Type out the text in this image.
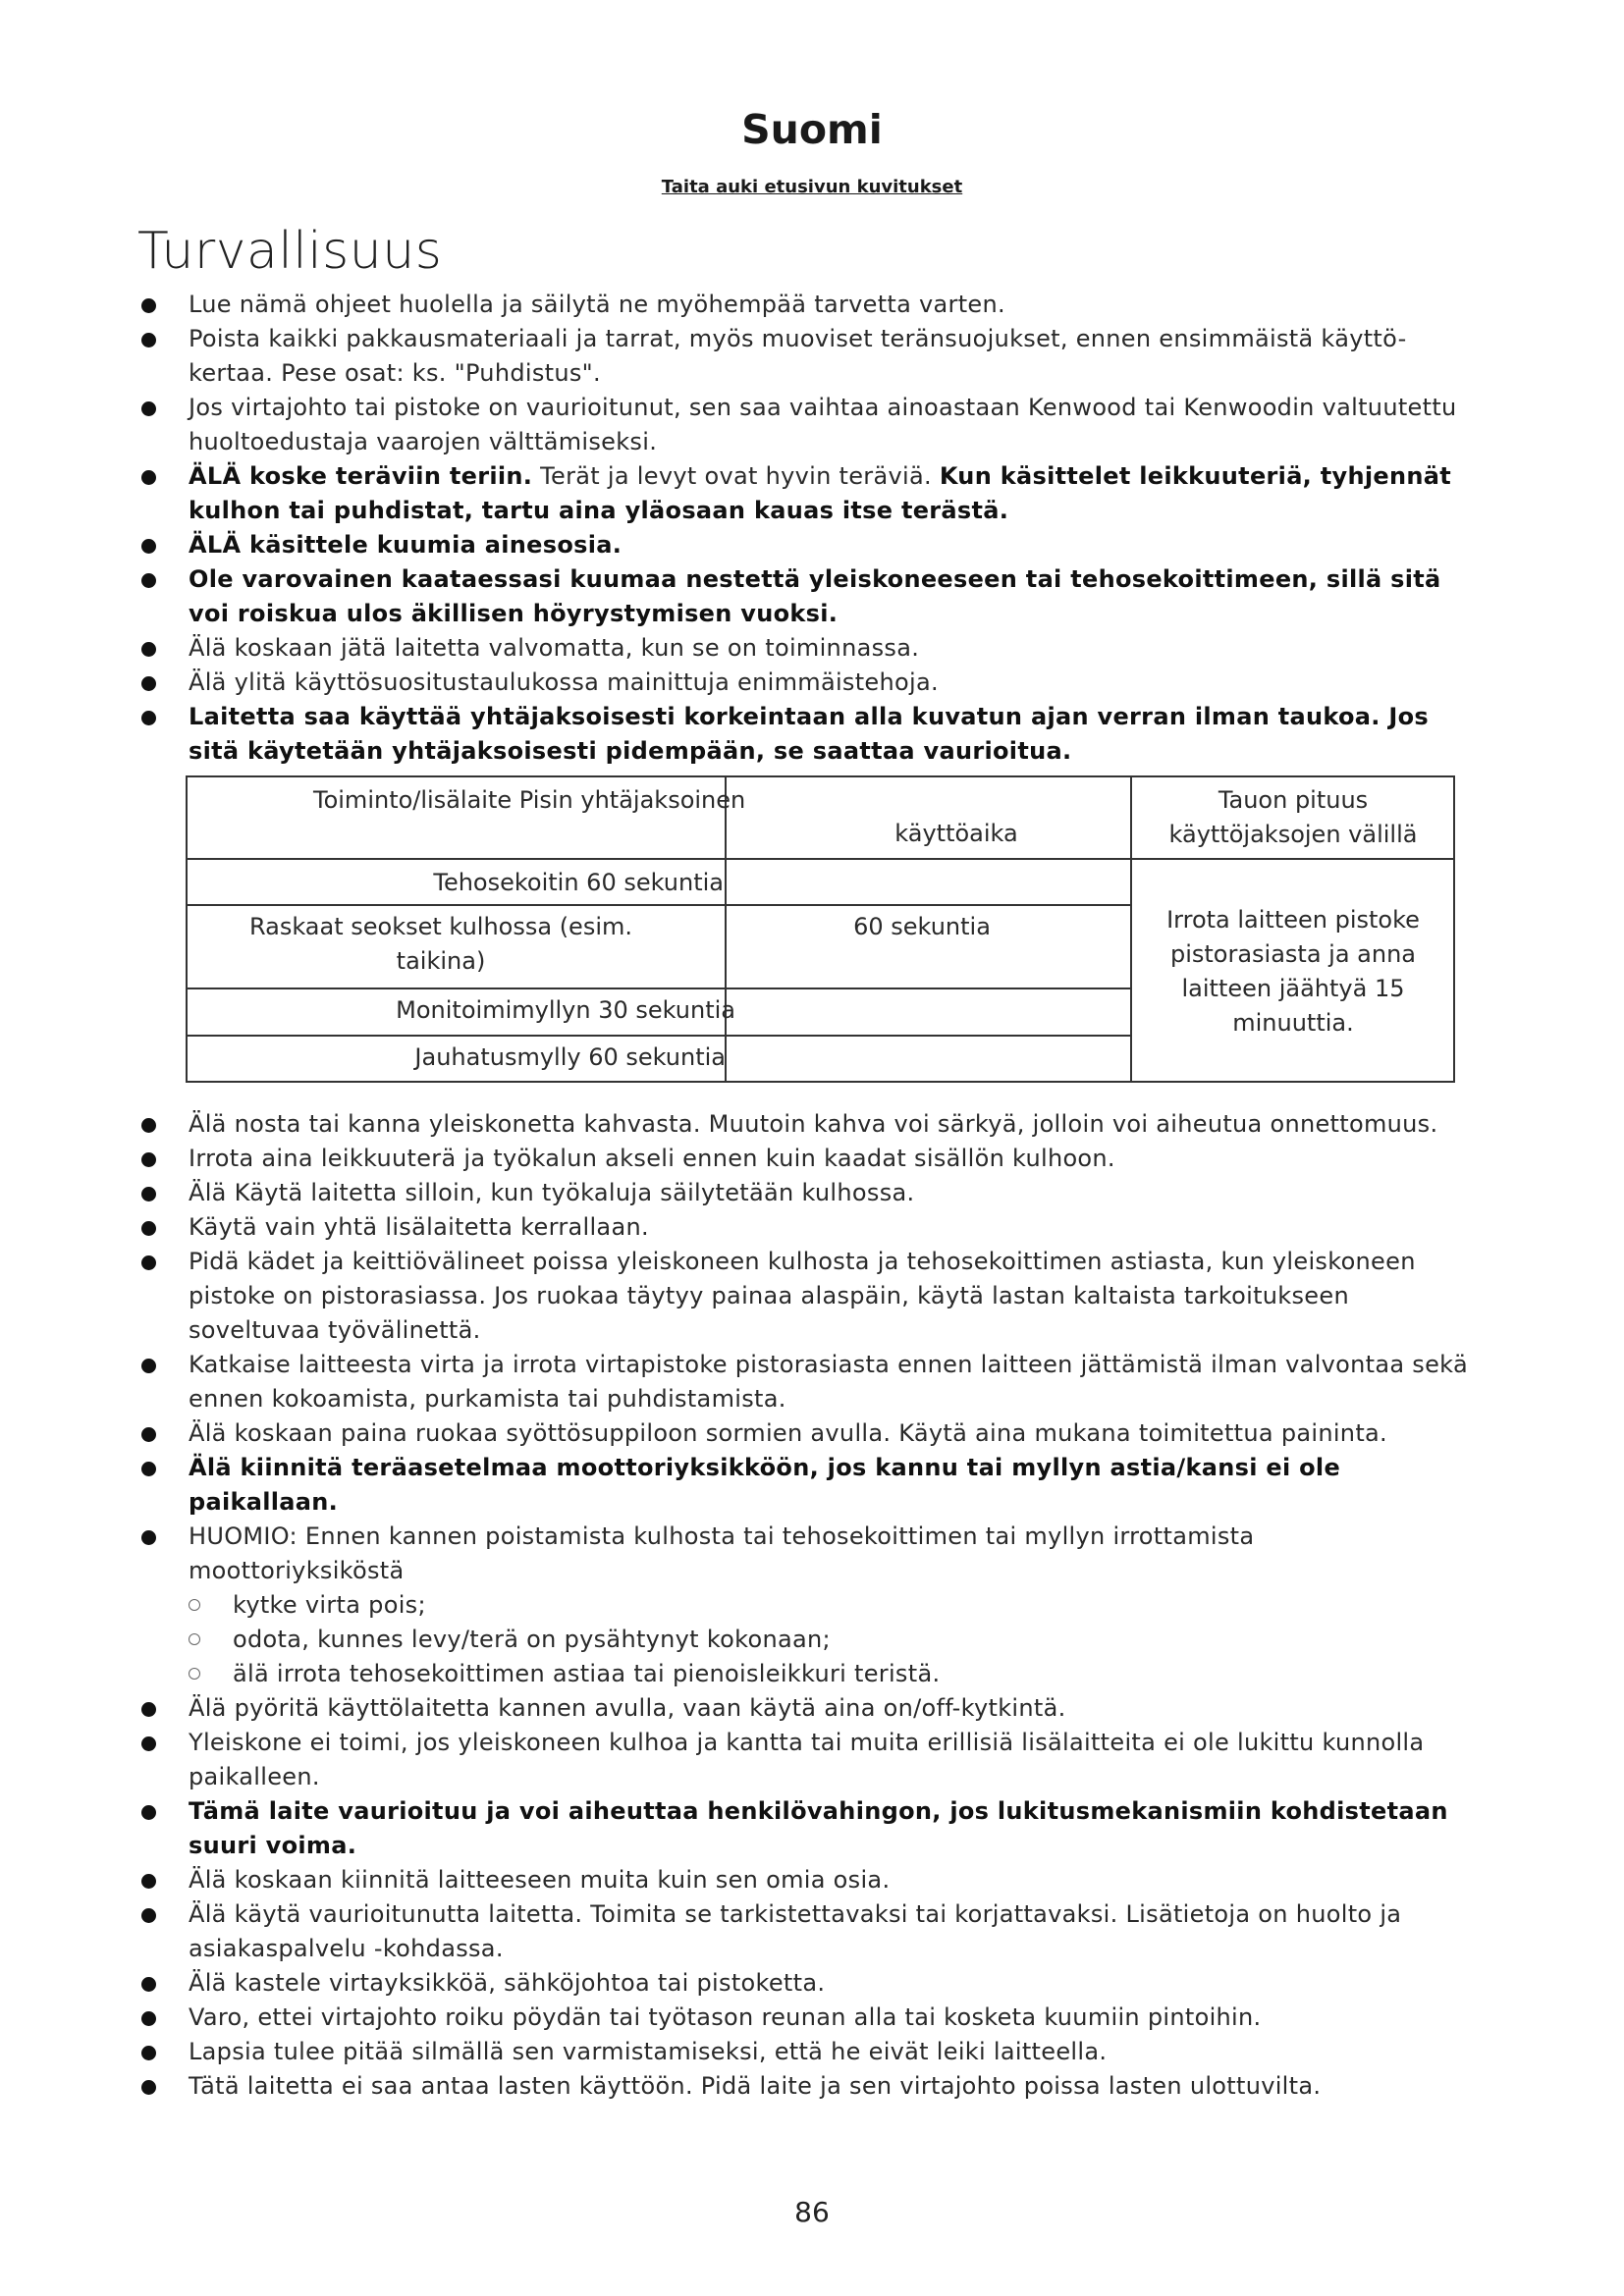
Suomi
Taita auki etusivun kuvitukset
Turvallisuus
Lue nämä ohjeet huolella ja säilytä ne myöhempää tarvetta varten.
Poista kaikki pakkausmateriaali ja tarrat, myös muoviset teränsuojukset, ennen ensimmäistä käyttö-kertaa. Pese osat: ks. "Puhdistus".
Jos virtajohto tai pistoke on vaurioitunut, sen saa vaihtaa ainoastaan Kenwood tai Kenwoodin valtuutettu huoltoedustaja vaarojen välttämiseksi.
ÄLÄ koske teräviin teriin. Terät ja levyt ovat hyvin teräviä. Kun käsittelet leikkuuteriä, tyhjennät kulhon tai puhdistat, tartu aina yläosaan kauas itse terästä.
ÄLÄ käsittele kuumia ainesosia.
Ole varovainen kaataessasi kuumaa nestettä yleiskoneeseen tai tehosekoittimeen, sillä sitä voi roiskua ulos äkillisen höyrystymisen vuoksi.
Älä koskaan jätä laitetta valvomatta, kun se on toiminnassa.
Älä ylitä käyttösuositustaulukossa mainittuja enimmäistehoja.
Laitetta saa käyttää yhtäjaksoisesti korkeintaan alla kuvatun ajan verran ilman taukoa. Jos sitä käytetään yhtäjaksoisesti pidempään, se saattaa vaurioitua.
Toiminto/lisälaite Pisin yhtäjaksoinen
käyttöaika
Tauon pituus käyttöjaksojen välillä
Tehosekoitin 60 sekuntia
Raskaat seokset kulhossa (esim. taikina)
60 sekuntia
Monitoimimyllyn 30 sekuntia
Jauhatusmylly 60 sekuntia
Irrota laitteen pistoke pistorasiasta ja anna laitteen jäähtyä 15 minuuttia.
Älä nosta tai kanna yleiskonetta kahvasta. Muutoin kahva voi särkyä, jolloin voi aiheutua onnettomuus.
Irrota aina leikkuuterä ja työkalun akseli ennen kuin kaadat sisällön kulhoon.
Älä Käytä laitetta silloin, kun työkaluja säilytetään kulhossa.
Käytä vain yhtä lisälaitetta kerrallaan.
Pidä kädet ja keittiövälineet poissa yleiskoneen kulhosta ja tehosekoittimen astiasta, kun yleiskoneen pistoke on pistorasiassa. Jos ruokaa täytyy painaa alaspäin, käytä lastan kaltaista tarkoitukseen soveltuvaa työvälinettä.
Katkaise laitteesta virta ja irrota virtapistoke pistorasiasta ennen laitteen jättämistä ilman valvontaa sekä ennen kokoamista, purkamista tai puhdistamista.
Älä koskaan paina ruokaa syöttösuppiloon sormien avulla. Käytä aina mukana toimitettua paininta.
Älä kiinnitä teräasetelmaa moottoriyksikköön, jos kannu tai myllyn astia/kansi ei ole paikallaan.
HUOMIO: Ennen kannen poistamista kulhosta tai tehosekoittimen tai myllyn irrottamista moottoriyksiköstä
kytke virta pois;
odota, kunnes levy/terä on pysähtynyt kokonaan;
älä irrota tehosekoittimen astiaa tai pienoisleikkuri teristä.
Älä pyöritä käyttölaitetta kannen avulla, vaan käytä aina on/off-kytkintä.
Yleiskone ei toimi, jos yleiskoneen kulhoa ja kantta tai muita erillisiä lisälaitteita ei ole lukittu kunnolla paikalleen.
Tämä laite vaurioituu ja voi aiheuttaa henkilövahingon, jos lukitusmekanismiin kohdistetaan suuri voima.
Älä koskaan kiinnitä laitteeseen muita kuin sen omia osia.
Älä käytä vaurioitunutta laitetta. Toimita se tarkistettavaksi tai korjattavaksi. Lisätietoja on huolto ja asiakaspalvelu -kohdassa.
Älä kastele virtayksikköä, sähköjohtoa tai pistoketta.
Varo, ettei virtajohto roiku pöydän tai työtason reunan alla tai kosketa kuumiin pintoihin.
Lapsia tulee pitää silmällä sen varmistamiseksi, että he eivät leiki laitteella.
Tätä laitetta ei saa antaa lasten käyttöön. Pidä laite ja sen virtajohto poissa lasten ulottuvilta.
86
